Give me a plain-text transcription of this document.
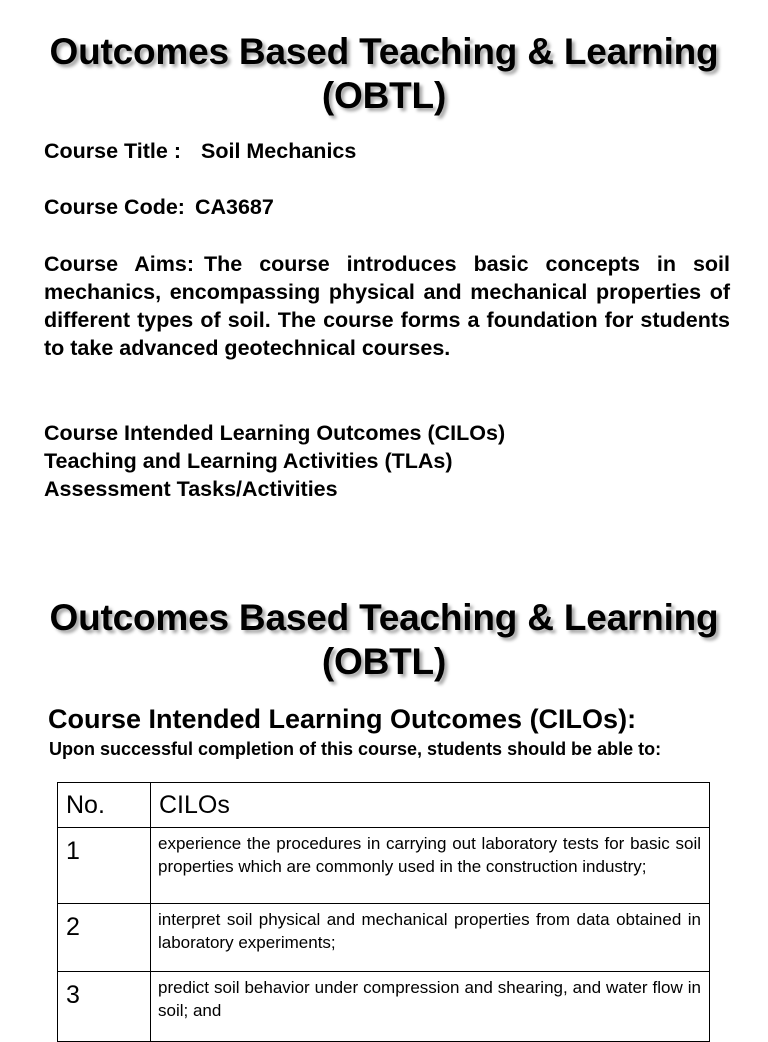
Outcomes Based Teaching & Learning
(OBTL)
Course Title : Soil Mechanics
Course Code: CA3687
Course Aims: The course introduces basic concepts in soil mechanics, encompassing physical and mechanical properties of different types of soil. The course forms a foundation for students to take advanced geotechnical courses.
Course Intended Learning Outcomes (CILOs)
Teaching and Learning Activities (TLAs)
Assessment Tasks/Activities
Outcomes Based Teaching & Learning
(OBTL)
Course Intended Learning Outcomes (CILOs):
Upon successful completion of this course, students should be able to:
No.	CILOs
1	experience the procedures in carrying out laboratory tests for basic soil properties which are commonly used in the construction industry;
2	interpret soil physical and mechanical properties from data obtained in laboratory experiments;
3	predict soil behavior under compression and shearing, and water flow in soil; and
